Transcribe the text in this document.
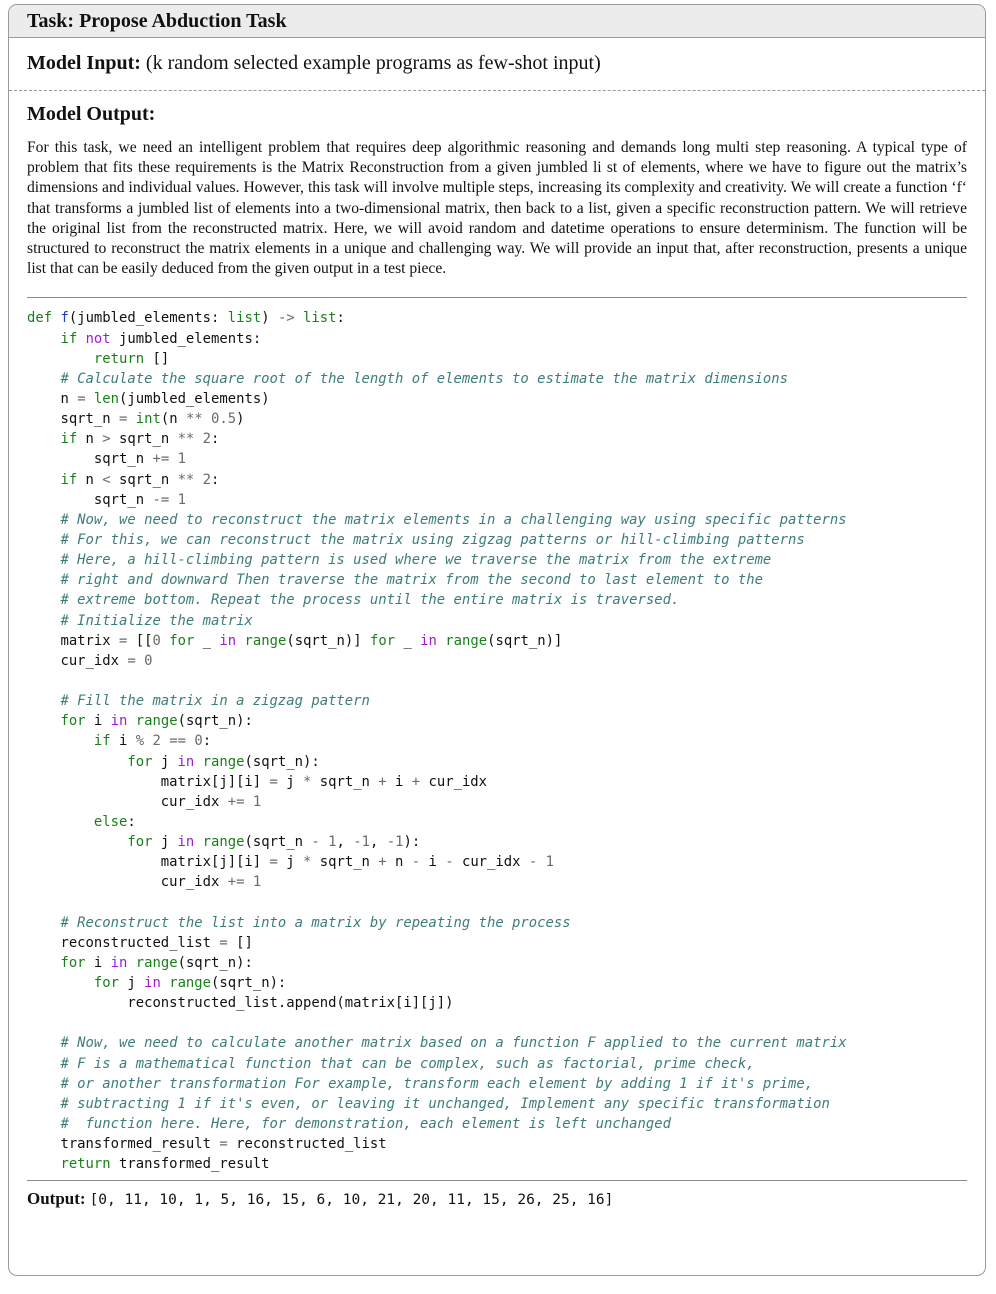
Task: Propose Abduction Task
Model Input: (k random selected example programs as few-shot input)
Model Output:
For this task, we need an intelligent problem that requires deep algorithmic reasoning and demands long multi step reasoning. A typical type of problem that fits these requirements is the Matrix Reconstruction from a given jumbled li st of elements, where we have to figure out the matrix’s dimensions and individual values. However, this task will involve multiple steps, increasing its complexity and creativity. We will create a function ‘f‘ that transforms a jumbled list of elements into a two-dimensional matrix, then back to a list, given a specific reconstruction pattern. We will retrieve the original list from the reconstructed matrix. Here, we will avoid random and datetime operations to ensure determinism. The function will be structured to reconstruct the matrix elements in a unique and challenging way. We will provide an input that, after reconstruction, presents a unique list that can be easily deduced from the given output in a test piece.
def f(jumbled_elements: list) -> list:
if not jumbled_elements:
return []
# Calculate the square root of the length of elements to estimate the matrix dimensions
n = len(jumbled_elements)
sqrt_n = int(n ** 0.5)
if n > sqrt_n ** 2:
sqrt_n += 1
if n < sqrt_n ** 2:
sqrt_n -= 1
# Now, we need to reconstruct the matrix elements in a challenging way using specific patterns
# For this, we can reconstruct the matrix using zigzag patterns or hill-climbing patterns
# Here, a hill-climbing pattern is used where we traverse the matrix from the extreme
# right and downward Then traverse the matrix from the second to last element to the
# extreme bottom. Repeat the process until the entire matrix is traversed.
# Initialize the matrix
matrix = [[0 for _ in range(sqrt_n)] for _ in range(sqrt_n)]
cur_idx = 0
# Fill the matrix in a zigzag pattern
for i in range(sqrt_n):
if i % 2 == 0:
for j in range(sqrt_n):
matrix[j][i] = j * sqrt_n + i + cur_idx
cur_idx += 1
else:
for j in range(sqrt_n - 1, -1, -1):
matrix[j][i] = j * sqrt_n + n - i - cur_idx - 1
cur_idx += 1
# Reconstruct the list into a matrix by repeating the process
reconstructed_list = []
for i in range(sqrt_n):
for j in range(sqrt_n):
reconstructed_list.append(matrix[i][j])
# Now, we need to calculate another matrix based on a function F applied to the current matrix
# F is a mathematical function that can be complex, such as factorial, prime check,
# or another transformation For example, transform each element by adding 1 if it's prime,
# subtracting 1 if it's even, or leaving it unchanged, Implement any specific transformation
#  function here. Here, for demonstration, each element is left unchanged
transformed_result = reconstructed_list
return transformed_result
Output: [0, 11, 10, 1, 5, 16, 15, 6, 10, 21, 20, 11, 15, 26, 25, 16]
